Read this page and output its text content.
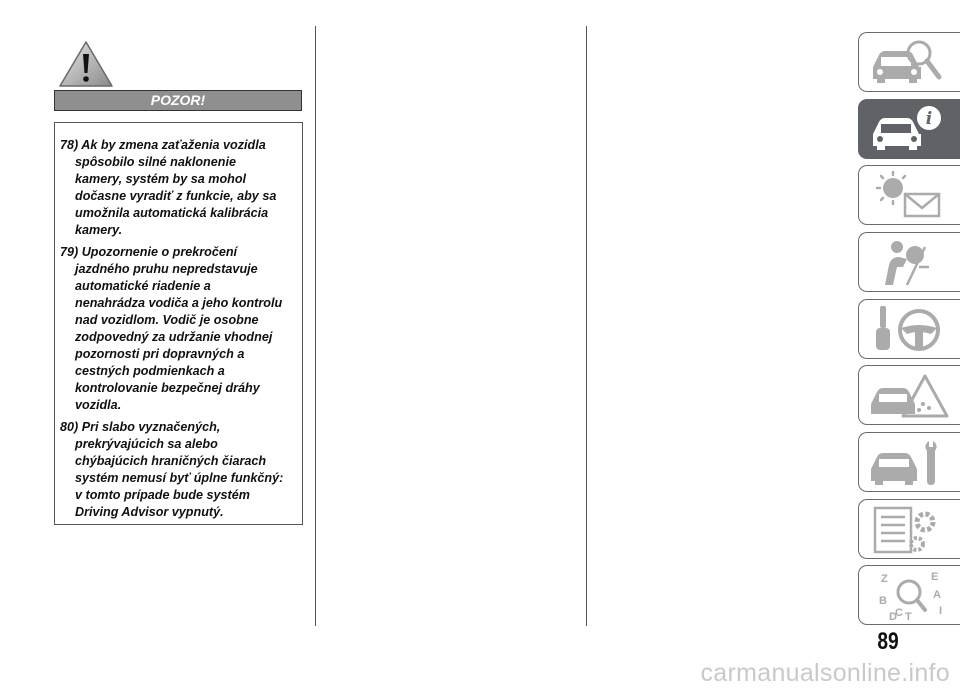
POZOR!
78) Ak by zmena zaťaženia vozidla
spôsobilo silné naklonenie
kamery, systém by sa mohol
dočasne vyradiť z funkcie, aby sa
umožnila automatická kalibrácia
kamery.
79) Upozornenie o prekročení
jazdného pruhu nepredstavuje
automatické riadenie a
nenahrádza vodiča a jeho kontrolu
nad vozidlom. Vodič je osobne
zodpovedný za udržanie vhodnej
pozornosti pri dopravných a
cestných podmienkach a
kontrolovanie bezpečnej dráhy
vozidla.
80) Pri slabo vyznačených,
prekrývajúcich sa alebo
chýbajúcich hraničných čiarach
systém nemusí byť úplne funkčný:
v tomto prípade bude systém
Driving Advisor vypnutý.
i
Z	E
A
B
C
D	I
T
89
carmanualsonline.info
